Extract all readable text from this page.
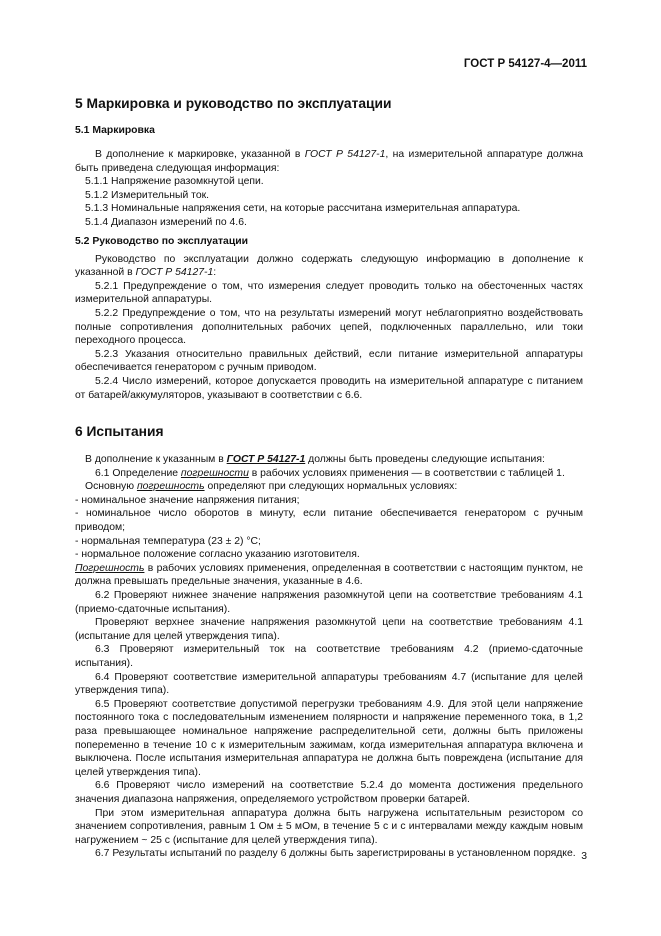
ГОСТ Р 54127-4—2011
5 Маркировка и руководство по эксплуатации
5.1 Маркировка

В дополнение к маркировке, указанной в ГОСТ Р 54127-1, на измерительной аппаратуре должна быть приведена следующая информация:

5.1.1 Напряжение разомкнутой цепи.

5.1.2 Измерительный ток.

5.1.3 Номинальные напряжения сети, на которые рассчитана измерительная аппаратура.

5.1.4 Диапазон измерений по 4.6.

5.2 Руководство по эксплуатации

Руководство по эксплуатации должно содержать следующую информацию в дополнение к указанной в ГОСТ Р 54127-1:

5.2.1 Предупреждение о том, что измерения следует проводить только на обесточенных частях измерительной аппаратуры.

5.2.2 Предупреждение о том, что на результаты измерений могут неблагоприятно воздействовать полные сопротивления дополнительных рабочих цепей, подключенных параллельно, или токи переходного процесса.

5.2.3 Указания относительно правильных действий, если питание измерительной аппаратуры обеспечивается генератором с ручным приводом.

5.2.4 Число измерений, которое допускается проводить на измерительной аппаратуре с питанием от батарей/аккумуляторов, указывают в соответствии с 6.6.

6 Испытания

В дополнение к указанным в ГОСТ Р 54127-1 должны быть проведены следующие испытания:

6.1 Определение погрешности в рабочих условиях применения — в соответствии с таблицей 1.

Основную погрешность определяют при следующих нормальных условиях:

- номинальное значение напряжения питания;

- номинальное число оборотов в минуту, если питание обеспечивается генератором с ручным приводом;

- нормальная температура (23 ± 2) °С;

- нормальное положение согласно указанию изготовителя.

Погрешность в рабочих условиях применения, определенная в соответствии с настоящим пунктом, не должна превышать предельные значения, указанные в 4.6.

6.2 Проверяют нижнее значение напряжения разомкнутой цепи на соответствие требованиям 4.1 (приемо-сдаточные испытания).

Проверяют верхнее значение напряжения разомкнутой цепи на соответствие требованиям 4.1 (испытание для целей утверждения типа).

6.3 Проверяют измерительный ток на соответствие требованиям 4.2 (приемо-сдаточные испытания).

6.4 Проверяют соответствие измерительной аппаратуры требованиям 4.7 (испытание для целей утверждения типа).

6.5 Проверяют соответствие допустимой перегрузки требованиям 4.9. Для этой цели напряжение постоянного тока с последовательным изменением полярности и напряжение переменного тока, в 1,2 раза превышающее номинальное напряжение распределительной сети, должны быть приложены попеременно в течение 10 с к измерительным зажимам, когда измерительная аппаратура включена и выключена. После испытания измерительная аппаратура не должна быть повреждена (испытание для целей утверждения типа).

6.6 Проверяют число измерений на соответствие 5.2.4 до момента достижения предельного значения диапазона напряжения, определяемого устройством проверки батарей.

При этом измерительная аппаратура должна быть нагружена испытательным резистором со значением сопротивления, равным 1 Ом ± 5 мОм, в течение 5 с и с интервалами между каждым новым нагружением ~ 25 с (испытание для целей утверждения типа).

6.7 Результаты испытаний по разделу 6 должны быть зарегистрированы в установленном порядке. 3
